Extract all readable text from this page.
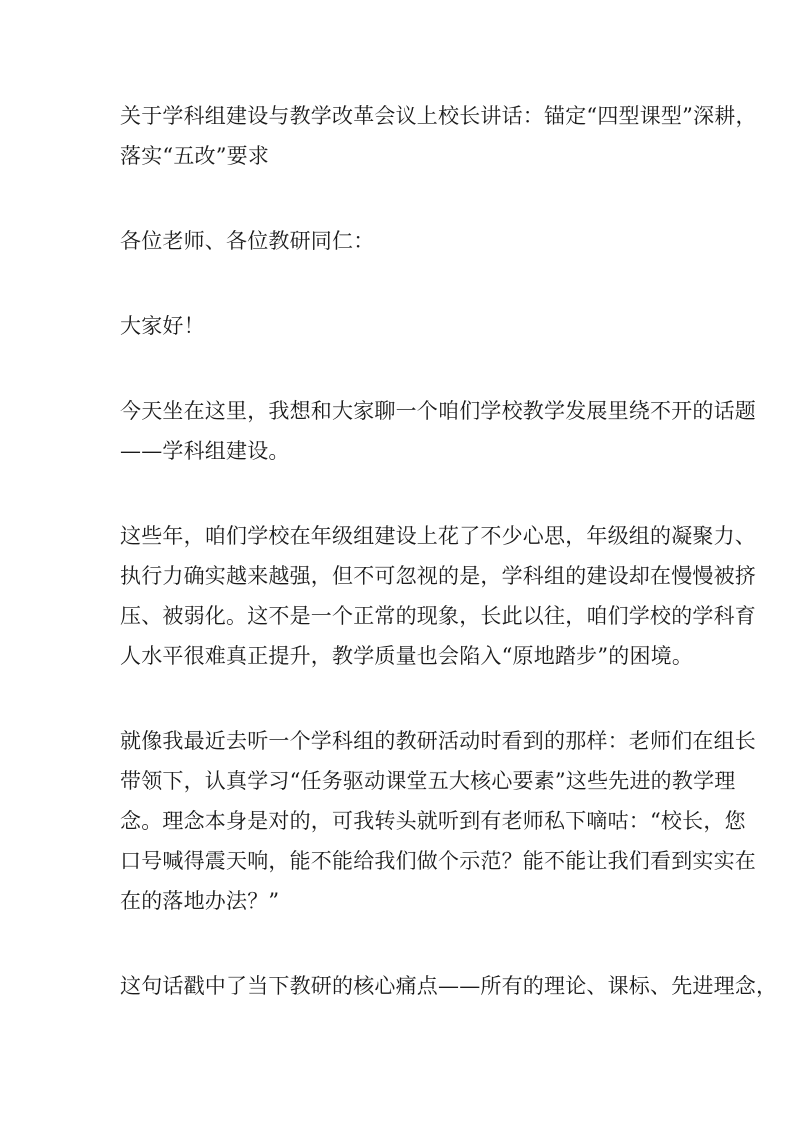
关于学科组建设与教学改革会议上校长讲话：锚定“四型课型”深耕，
落实“五改”要求

各位老师、各位教研同仁：

大家好！

今天坐在这里，我想和大家聊一个咱们学校教学发展里绕不开的话题
——学科组建设。

这些年，咱们学校在年级组建设上花了不少心思，年级组的凝聚力、
执行力确实越来越强，但不可忽视的是，学科组的建设却在慢慢被挤
压、被弱化。这不是一个正常的现象，长此以往，咱们学校的学科育
人水平很难真正提升，教学质量也会陷入“原地踏步”的困境。

就像我最近去听一个学科组的教研活动时看到的那样：老师们在组长
带领下，认真学习“任务驱动课堂五大核心要素”这些先进的教学理
念。理念本身是对的，可我转头就听到有老师私下嘀咕：“校长，您
口号喊得震天响，能不能给我们做个示范？能不能让我们看到实实在
在的落地办法？”

这句话戳中了当下教研的核心痛点——所有的理论、课标、先进理念，
